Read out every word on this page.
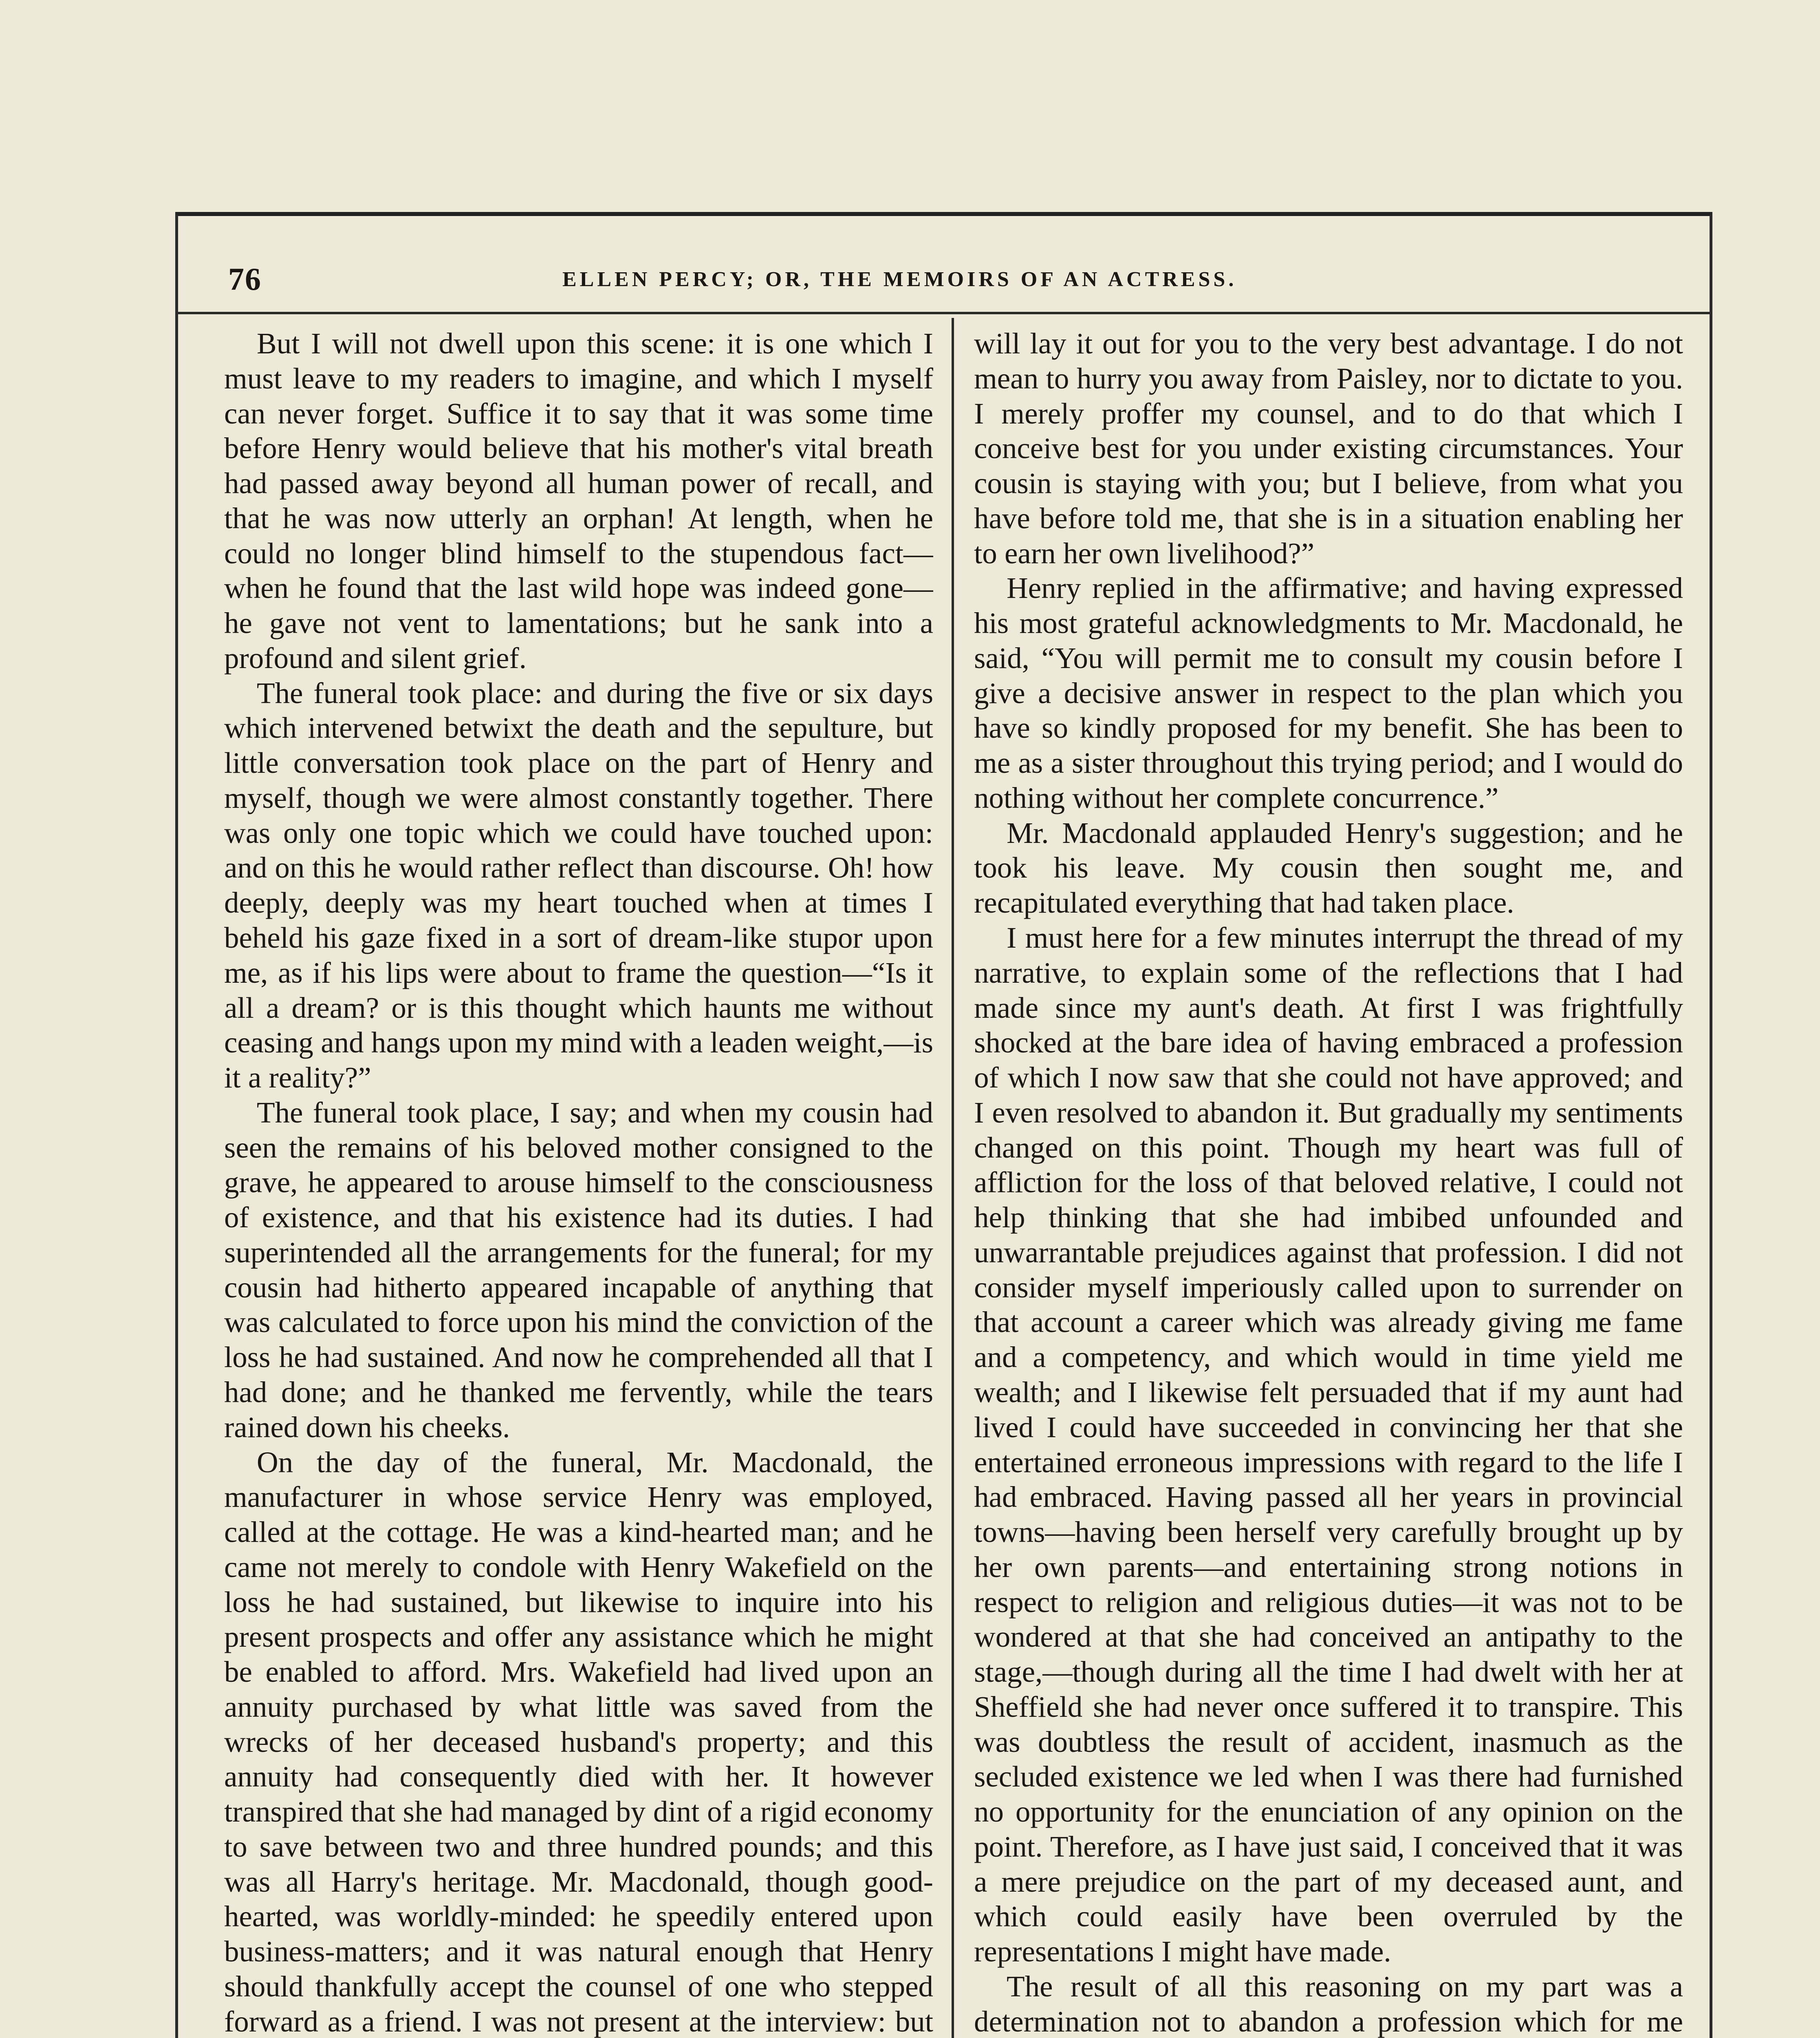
76	ELLEN PERCY; OR, THE MEMOIRS OF AN ACTRESS.

But I will not dwell upon this scene: it is one which I must leave to my readers to imagine, and which I myself can never forget. Suffice it to say that it was some time before Henry would believe that his mother's vital breath had passed away beyond all human power of recall, and that he was now utterly an orphan! At length, when he could no longer blind himself to the stupendous fact—when he found that the last wild hope was indeed gone—he gave not vent to lamentations; but he sank into a profound and silent grief.

The funeral took place: and during the five or six days which intervened betwixt the death and the sepulture, but little conversation took place on the part of Henry and myself, though we were almost constantly together. There was only one topic which we could have touched upon: and on this he would rather reflect than discourse. Oh! how deeply, deeply was my heart touched when at times I beheld his gaze fixed in a sort of dream-like stupor upon me, as if his lips were about to frame the question—“Is it all a dream? or is this thought which haunts me without ceasing and hangs upon my mind with a leaden weight,—is it a reality?”

The funeral took place, I say; and when my cousin had seen the remains of his beloved mother consigned to the grave, he appeared to arouse himself to the consciousness of existence, and that his existence had its duties. I had superintended all the arrangements for the funeral; for my cousin had hitherto appeared incapable of anything that was calculated to force upon his mind the conviction of the loss he had sustained. And now he comprehended all that I had done; and he thanked me fervently, while the tears rained down his cheeks.

On the day of the funeral, Mr. Macdonald, the manufacturer in whose service Henry was employed, called at the cottage. He was a kind-hearted man; and he came not merely to condole with Henry Wakefield on the loss he had sustained, but likewise to inquire into his present prospects and offer any assistance which he might be enabled to afford. Mrs. Wakefield had lived upon an annuity purchased by what little was saved from the wrecks of her deceased husband's property; and this annuity had consequently died with her. It however transpired that she had managed by dint of a rigid economy to save between two and three hundred pounds; and this was all Harry's heritage. Mr. Macdonald, though good-hearted, was worldly-minded: he speedily entered upon business-matters; and it was natural enough that Henry should thankfully accept the counsel of one who stepped forward as a friend. I was not present at the interview: but

will lay it out for you to the very best advantage. I do not mean to hurry you away from Paisley, nor to dictate to you. I merely proffer my counsel, and to do that which I conceive best for you under existing circumstances. Your cousin is staying with you; but I believe, from what you have before told me, that she is in a situation enabling her to earn her own livelihood?”

Henry replied in the affirmative; and having expressed his most grateful acknowledgments to Mr. Macdonald, he said, “You will permit me to consult my cousin before I give a decisive answer in respect to the plan which you have so kindly proposed for my benefit. She has been to me as a sister throughout this trying period; and I would do nothing without her complete concurrence.”

Mr. Macdonald applauded Henry's suggestion; and he took his leave. My cousin then sought me, and recapitulated everything that had taken place.

I must here for a few minutes interrupt the thread of my narrative, to explain some of the reflections that I had made since my aunt's death. At first I was frightfully shocked at the bare idea of having embraced a profession of which I now saw that she could not have approved; and I even resolved to abandon it. But gradually my sentiments changed on this point. Though my heart was full of affliction for the loss of that beloved relative, I could not help thinking that she had imbibed unfounded and unwarrantable prejudices against that profession. I did not consider myself imperiously called upon to surrender on that account a career which was already giving me fame and a competency, and which would in time yield me wealth; and I likewise felt persuaded that if my aunt had lived I could have succeeded in convincing her that she entertained erroneous impressions with regard to the life I had embraced. Having passed all her years in provincial towns—having been herself very carefully brought up by her own parents—and entertaining strong notions in respect to religion and religious duties—it was not to be wondered at that she had conceived an antipathy to the stage,—though during all the time I had dwelt with her at Sheffield she had never once suffered it to transpire. This was doubtless the result of accident, inasmuch as the secluded existence we led when I was there had furnished no opportunity for the enunciation of any opinion on the point. Therefore, as I have just said, I conceived that it was a mere prejudice on the part of my deceased aunt, and which could easily have been overruled by the representations I might have made.

The result of all this reasoning on my part was a determination not to abandon a profession which for me
